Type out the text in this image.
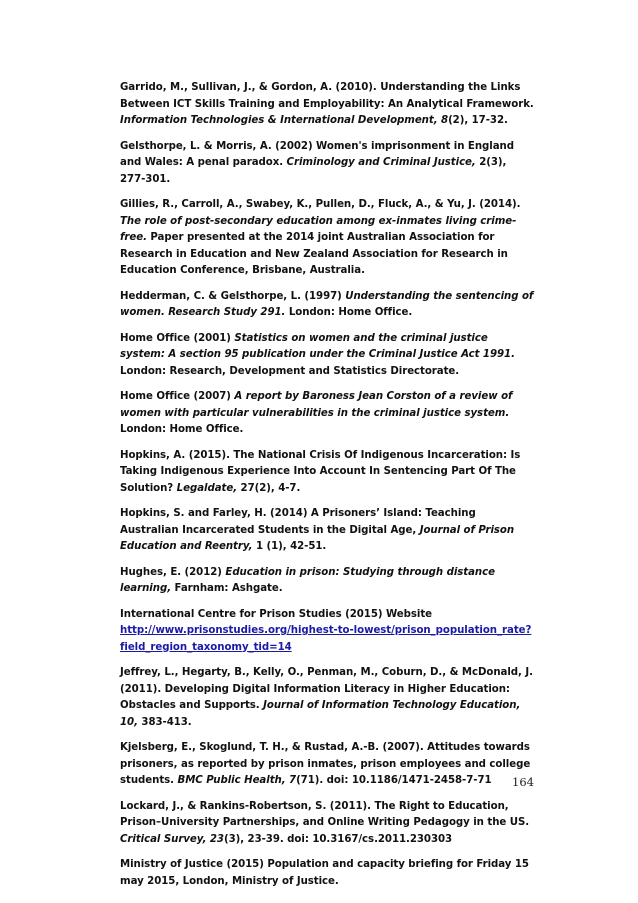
Garrido, M., Sullivan, J., & Gordon, A. (2010). Understanding the Links Between ICT Skills Training and Employability: An Analytical Framework. Information Technologies & International Development, 8(2), 17-32.

Gelsthorpe, L. & Morris, A. (2002) Women's imprisonment in England and Wales: A penal paradox. Criminology and Criminal Justice, 2(3), 277-301.

Gillies, R., Carroll, A., Swabey, K., Pullen, D., Fluck, A., & Yu, J. (2014). The role of post-secondary education among ex-inmates living crime-free. Paper presented at the 2014 joint Australian Association for Research in Education and New Zealand Association for Research in Education Conference, Brisbane, Australia.

Hedderman, C. & Gelsthorpe, L. (1997) Understanding the sentencing of women. Research Study 291. London: Home Office.

Home Office (2001) Statistics on women and the criminal justice system: A section 95 publication under the Criminal Justice Act 1991. London: Research, Development and Statistics Directorate.

Home Office (2007) A report by Baroness Jean Corston of a review of women with particular vulnerabilities in the criminal justice system. London: Home Office.

Hopkins, A. (2015). The National Crisis Of Indigenous Incarceration: Is Taking Indigenous Experience Into Account In Sentencing Part Of The Solution? Legaldate, 27(2), 4-7.

Hopkins, S. and Farley, H. (2014) A Prisoners’ Island: Teaching Australian Incarcerated Students in the Digital Age, Journal of Prison Education and Reentry, 1 (1), 42-51.

Hughes, E. (2012) Education in prison: Studying through distance learning, Farnham: Ashgate.

International Centre for Prison Studies (2015) Website http://www.prisonstudies.org/highest-to-lowest/prison_population_rate?field_region_taxonomy_tid=14

Jeffrey, L., Hegarty, B., Kelly, O., Penman, M., Coburn, D., & McDonald, J. (2011). Developing Digital Information Literacy in Higher Education: Obstacles and Supports. Journal of Information Technology Education, 10, 383-413.

Kjelsberg, E., Skoglund, T. H., & Rustad, A.-B. (2007). Attitudes towards prisoners, as reported by prison inmates, prison employees and college students. BMC Public Health, 7(71). doi: 10.1186/1471-2458-7-71

Lockard, J., & Rankins-Robertson, S. (2011). The Right to Education, Prison–University Partnerships, and Online Writing Pedagogy in the US. Critical Survey, 23(3), 23-39. doi: 10.3167/cs.2011.230303

Ministry of Justice (2015) Population and capacity briefing for Friday 15 may 2015, London, Ministry of Justice.

164
